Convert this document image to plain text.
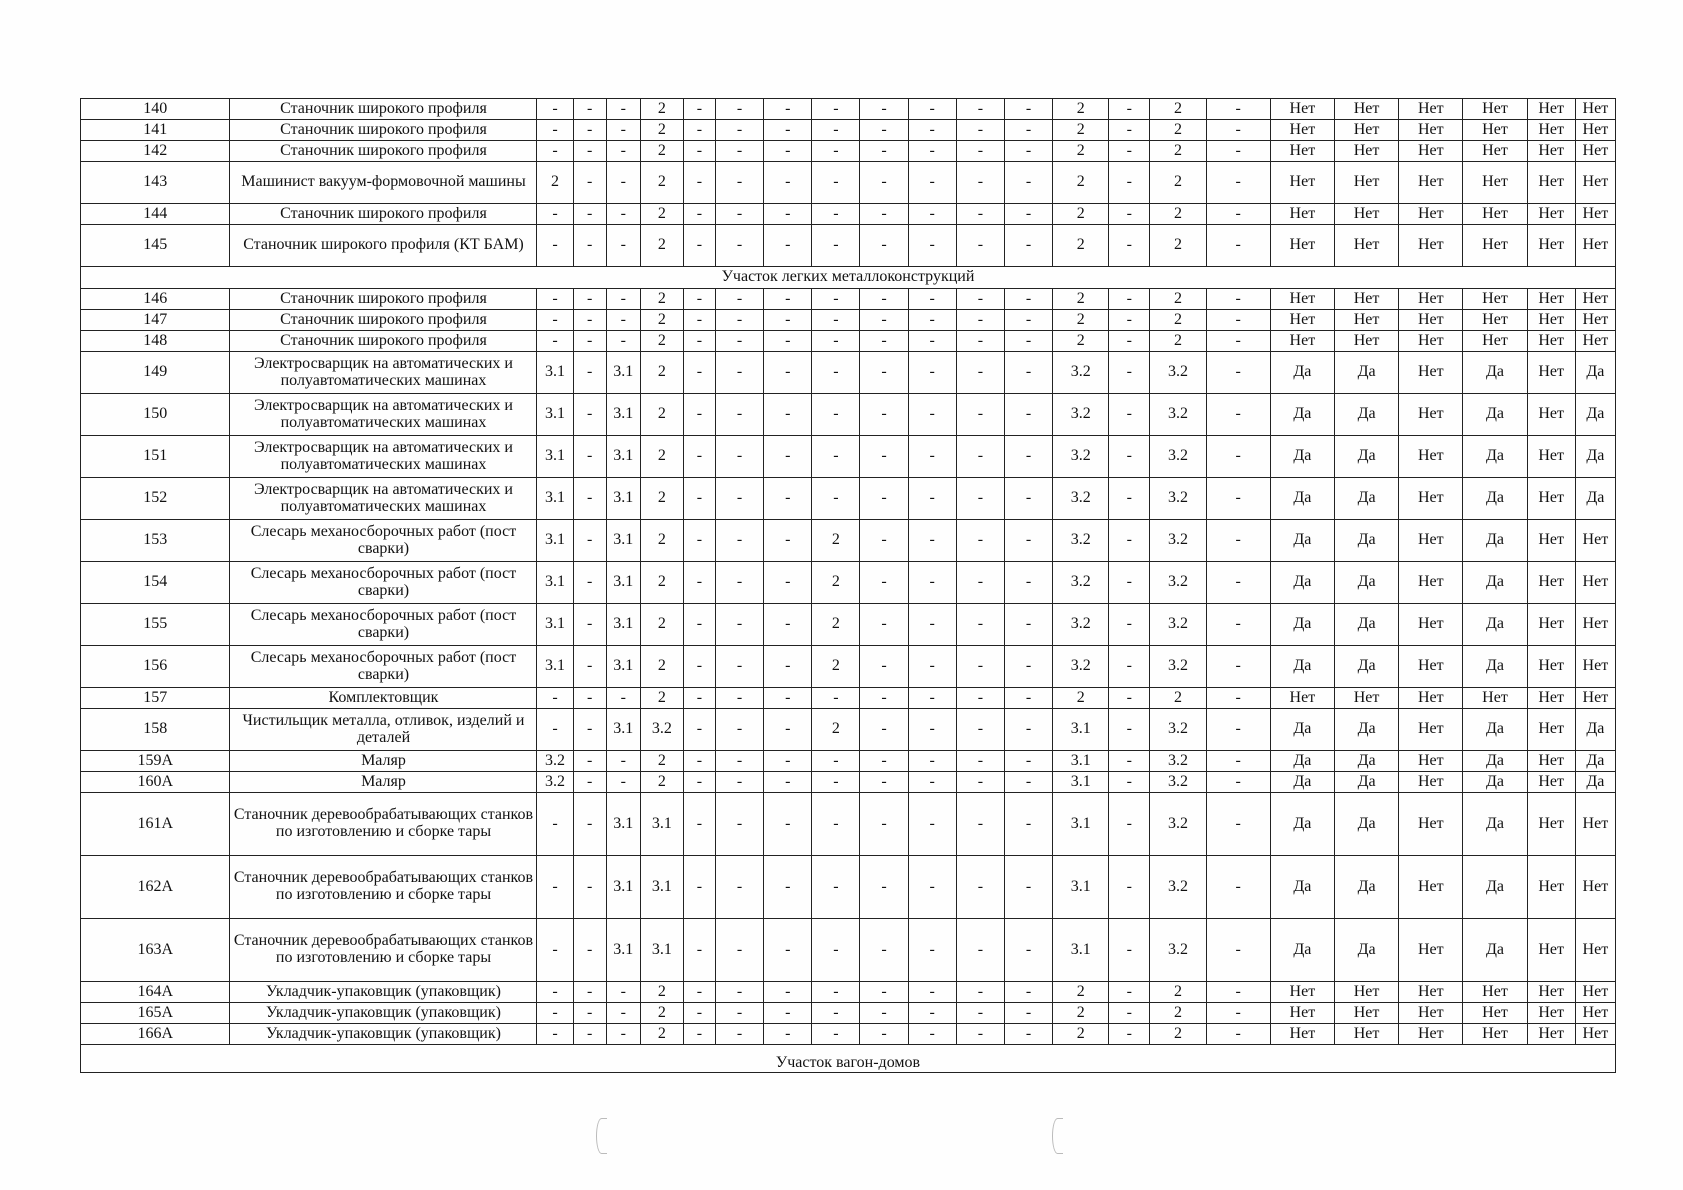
140	Станочник широкого профиля	-	-	-	2	-	-	-	-	-	-	-	-	2	-	2	-	Нет	Нет	Нет	Нет	Нет	Нет
141	Станочник широкого профиля	-	-	-	2	-	-	-	-	-	-	-	-	2	-	2	-	Нет	Нет	Нет	Нет	Нет	Нет
142	Станочник широкого профиля	-	-	-	2	-	-	-	-	-	-	-	-	2	-	2	-	Нет	Нет	Нет	Нет	Нет	Нет
143	Машинист вакуум-формовочной машины	2	-	-	2	-	-	-	-	-	-	-	-	2	-	2	-	Нет	Нет	Нет	Нет	Нет	Нет
144	Станочник широкого профиля	-	-	-	2	-	-	-	-	-	-	-	-	2	-	2	-	Нет	Нет	Нет	Нет	Нет	Нет
145	Станочник широкого профиля (КТ БАМ)	-	-	-	2	-	-	-	-	-	-	-	-	2	-	2	-	Нет	Нет	Нет	Нет	Нет	Нет
Участок легких металлоконструкций																							
146	Станочник широкого профиля	-	-	-	2	-	-	-	-	-	-	-	-	2	-	2	-	Нет	Нет	Нет	Нет	Нет	Нет
147	Станочник широкого профиля	-	-	-	2	-	-	-	-	-	-	-	-	2	-	2	-	Нет	Нет	Нет	Нет	Нет	Нет
148	Станочник широкого профиля	-	-	-	2	-	-	-	-	-	-	-	-	2	-	2	-	Нет	Нет	Нет	Нет	Нет	Нет
149	Электросварщик на автоматических и полуавтоматических машинах	3.1	-	3.1	2	-	-	-	-	-	-	-	-	3.2	-	3.2	-	Да	Да	Нет	Да	Нет	Да
150	Электросварщик на автоматических и полуавтоматических машинах	3.1	-	3.1	2	-	-	-	-	-	-	-	-	3.2	-	3.2	-	Да	Да	Нет	Да	Нет	Да
151	Электросварщик на автоматических и полуавтоматических машинах	3.1	-	3.1	2	-	-	-	-	-	-	-	-	3.2	-	3.2	-	Да	Да	Нет	Да	Нет	Да
152	Электросварщик на автоматических и полуавтоматических машинах	3.1	-	3.1	2	-	-	-	-	-	-	-	-	3.2	-	3.2	-	Да	Да	Нет	Да	Нет	Да
153	Слесарь механосборочных работ (пост сварки)	3.1	-	3.1	2	-	-	-	2	-	-	-	-	3.2	-	3.2	-	Да	Да	Нет	Да	Нет	Нет
154	Слесарь механосборочных работ (пост сварки)	3.1	-	3.1	2	-	-	-	2	-	-	-	-	3.2	-	3.2	-	Да	Да	Нет	Да	Нет	Нет
155	Слесарь механосборочных работ (пост сварки)	3.1	-	3.1	2	-	-	-	2	-	-	-	-	3.2	-	3.2	-	Да	Да	Нет	Да	Нет	Нет
156	Слесарь механосборочных работ (пост сварки)	3.1	-	3.1	2	-	-	-	2	-	-	-	-	3.2	-	3.2	-	Да	Да	Нет	Да	Нет	Нет
157	Комплектовщик	-	-	-	2	-	-	-	-	-	-	-	-	2	-	2	-	Нет	Нет	Нет	Нет	Нет	Нет
158	Чистильщик металла, отливок, изделий и деталей	-	-	3.1	3.2	-	-	-	2	-	-	-	-	3.1	-	3.2	-	Да	Да	Нет	Да	Нет	Да
159А	Маляр	3.2	-	-	2	-	-	-	-	-	-	-	-	3.1	-	3.2	-	Да	Да	Нет	Да	Нет	Да
160А	Маляр	3.2	-	-	2	-	-	-	-	-	-	-	-	3.1	-	3.2	-	Да	Да	Нет	Да	Нет	Да
161А	Станочник деревообрабатывающих станков по изготовлению и сборке тары	-	-	3.1	3.1	-	-	-	-	-	-	-	-	3.1	-	3.2	-	Да	Да	Нет	Да	Нет	Нет
162А	Станочник деревообрабатывающих станков по изготовлению и сборке тары	-	-	3.1	3.1	-	-	-	-	-	-	-	-	3.1	-	3.2	-	Да	Да	Нет	Да	Нет	Нет
163А	Станочник деревообрабатывающих станков по изготовлению и сборке тары	-	-	3.1	3.1	-	-	-	-	-	-	-	-	3.1	-	3.2	-	Да	Да	Нет	Да	Нет	Нет
164А	Укладчик-упаковщик (упаковщик)	-	-	-	2	-	-	-	-	-	-	-	-	2	-	2	-	Нет	Нет	Нет	Нет	Нет	Нет
165А	Укладчик-упаковщик (упаковщик)	-	-	-	2	-	-	-	-	-	-	-	-	2	-	2	-	Нет	Нет	Нет	Нет	Нет	Нет
166А	Укладчик-упаковщик (упаковщик)	-	-	-	2	-	-	-	-	-	-	-	-	2	-	2	-	Нет	Нет	Нет	Нет	Нет	Нет
Участок вагон-домов																							
